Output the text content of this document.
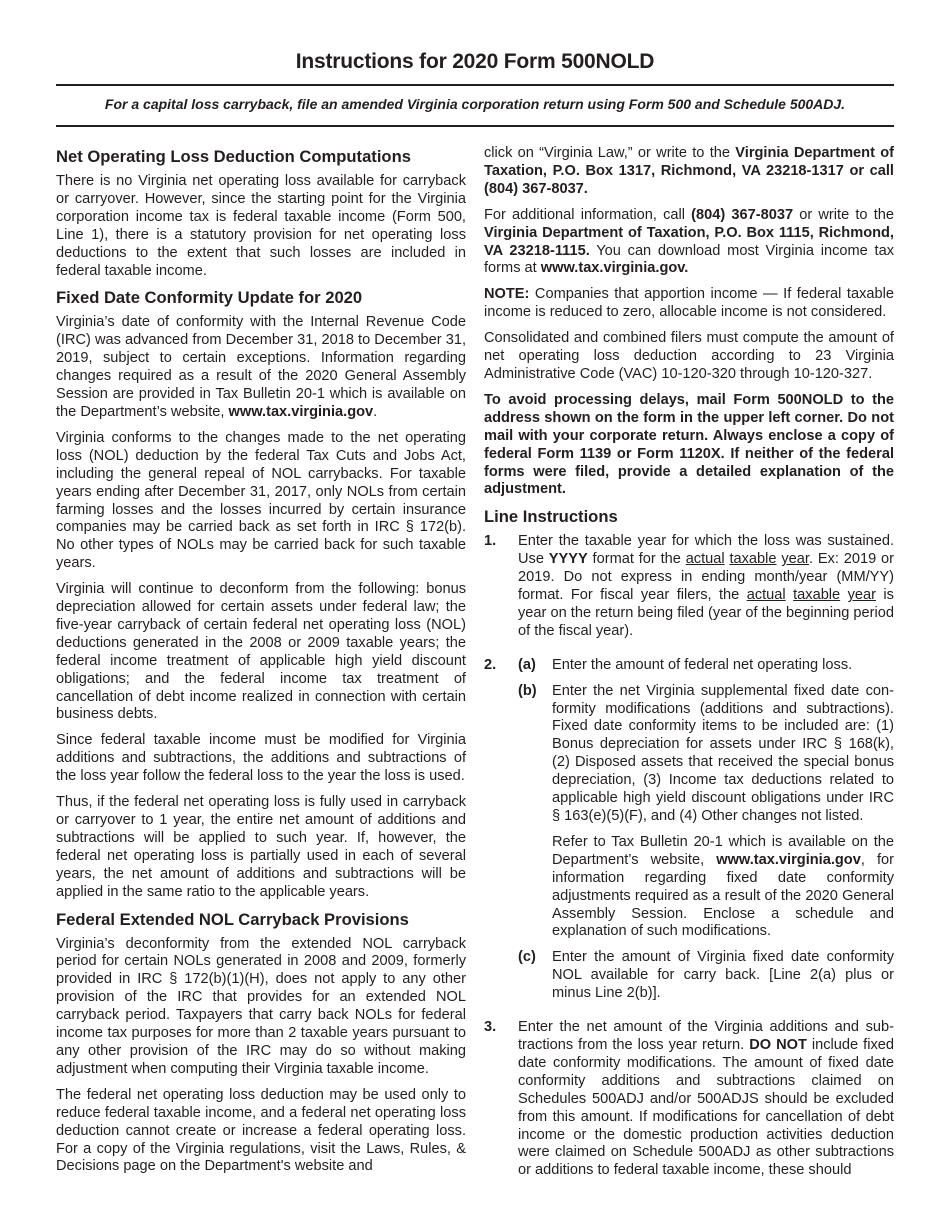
Instructions for 2020 Form 500NOLD
For a capital loss carryback, file an amended Virginia corporation return using Form 500 and Schedule 500ADJ.
Net Operating Loss Deduction Computations

There is no Virginia net operating loss available for carryback or carryover. However, since the starting point for the Virginia corporation income tax is federal taxable income (Form 500, Line 1), there is a statutory provision for net operating loss deductions to the extent that such losses are included in federal taxable income.

Fixed Date Conformity Update for 2020

Virginia’s date of conformity with the Internal Revenue Code (IRC) was advanced from December 31, 2018 to December 31, 2019, subject to certain exceptions. Information regarding changes required as a result of the 2020 General Assembly Session are provided in Tax Bulletin 20-1 which is available on the Department’s website, www.tax.virginia.gov.

Virginia conforms to the changes made to the net operating loss (NOL) deduction by the federal Tax Cuts and Jobs Act, including the general repeal of NOL carrybacks. For taxable years ending after December 31, 2017, only NOLs from certain farming losses and the losses incurred by certain insurance companies may be carried back as set forth in IRC § 172(b). No other types of NOLs may be carried back for such taxable years.

Virginia will continue to deconform from the following: bonus depreciation allowed for certain assets under federal law; the five-year carryback of certain federal net operating loss (NOL) deductions generated in the 2008 or 2009 taxable years; the federal income treatment of applicable high yield discount obligations; and the federal income tax treatment of cancellation of debt income realized in connection with certain business debts.

Since federal taxable income must be modified for Virginia additions and subtractions, the additions and subtractions of the loss year follow the federal loss to the year the loss is used.

Thus, if the federal net operating loss is fully used in carryback or carryover to 1 year, the entire net amount of additions and subtractions will be applied to such year. If, however, the federal net operating loss is partially used in each of several years, the net amount of additions and subtractions will be applied in the same ratio to the applicable years.

Federal Extended NOL Carryback Provisions

Virginia’s deconformity from the extended NOL carryback period for certain NOLs generated in 2008 and 2009, formerly provided in IRC § 172(b)(1)(H), does not apply to any other provision of the IRC that provides for an extended NOL carryback period. Taxpayers that carry back NOLs for federal income tax purposes for more than 2 taxable years pursuant to any other provision of the IRC may do so without making adjustment when computing their Virginia taxable income.

The federal net operating loss deduction may be used only to reduce federal taxable income, and a federal net operating loss deduction cannot create or increase a federal operating loss. For a copy of the Virginia regulations, visit the Laws, Rules, & Decisions page on the Department's website and

click on “Virginia Law,” or write to the Virginia Department of Taxation, P.O. Box 1317, Richmond, VA 23218-1317 or call (804) 367-8037.

For additional information, call (804) 367-8037 or write to the Virginia Department of Taxation, P.O. Box 1115, Richmond, VA 23218-1115. You can download most Virginia income tax forms at www.tax.virginia.gov.

NOTE: Companies that apportion income — If federal taxable income is reduced to zero, allocable income is not considered.

Consolidated and combined filers must compute the amount of net operating loss deduction according to 23 Virginia Administrative Code (VAC) 10-120-320 through 10-120-327.

To avoid processing delays, mail Form 500NOLD to the address shown on the form in the upper left corner. Do not mail with your corporate return. Always enclose a copy of federal Form 1139 or Form 1120X. If neither of the federal forms were filed, provide a detailed explanation of the adjustment.

Line Instructions
1.	Enter the taxable year for which the loss was sustained. Use YYYY format for the actual taxable year. Ex: 2019 or 2019. Do not express in ending month/year (MM/YY) format. For fiscal year filers, the actual taxable year is year on the return being filed (year of the beginning period of the fiscal year).

2.	(a)	Enter the amount of federal net operating loss.

(b)	Enter the net Virginia supplemental fixed date con-formity modifications (additions and subtractions). Fixed date conformity items to be included are: (1) Bonus depreciation for assets under IRC § 168(k), (2) Disposed assets that received the special bonus depreciation, (3) Income tax deductions related to applicable high yield discount obligations under IRC § 163(e)(5)(F), and (4) Other changes not listed.

Refer to Tax Bulletin 20-1 which is available on the Department’s website, www.tax.virginia.gov, for information regarding fixed date conformity adjustments required as a result of the 2020 General Assembly Session. Enclose a schedule and explanation of such modifications.

(c)	Enter the amount of Virginia fixed date conformity NOL available for carry back. [Line 2(a) plus or minus Line 2(b)].

3.	Enter the net amount of the Virginia additions and sub-tractions from the loss year return. DO NOT include fixed date conformity modifications. The amount of fixed date conformity additions and subtractions claimed on Schedules 500ADJ and/or 500ADJS should be excluded from this amount. If modifications for cancellation of debt income or the domestic production activities deduction were claimed on Schedule 500ADJ as other subtractions or additions to federal taxable income, these should
